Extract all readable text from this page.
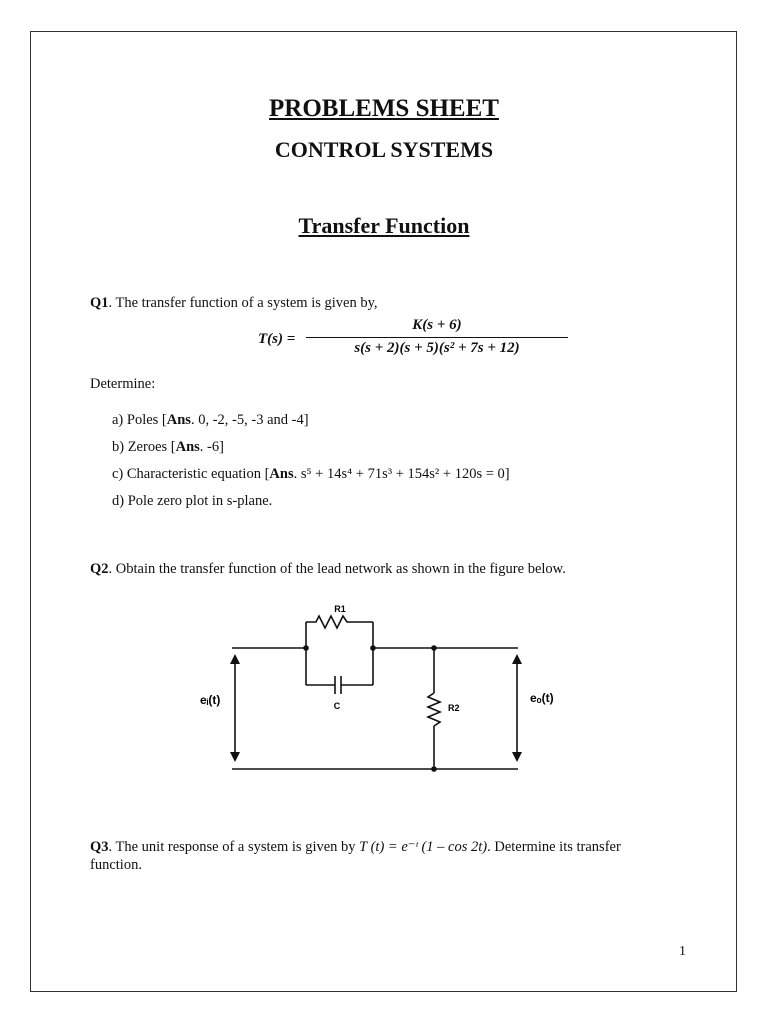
PROBLEMS SHEET
CONTROL SYSTEMS
Transfer Function
Q1. The transfer function of a system is given by,
T(s) =
K(s + 6)
s(s + 2)(s + 5)(s² + 7s + 12)
Determine:
a) Poles [Ans. 0, -2, -5, -3 and -4]
b) Zeroes [Ans. -6]
c) Characteristic equation [Ans. s⁵ + 14s⁴ + 71s³ + 154s² + 120s = 0]
d) Pole zero plot in s-plane.
Q2. Obtain the transfer function of the lead network as shown in the figure below.
R1
C	R2
eᵢ(t)	eₒ(t)
Q3. The unit response of a system is given by T (t) = e⁻ᵗ (1 – cos 2t). Determine its transfer
function.
1
